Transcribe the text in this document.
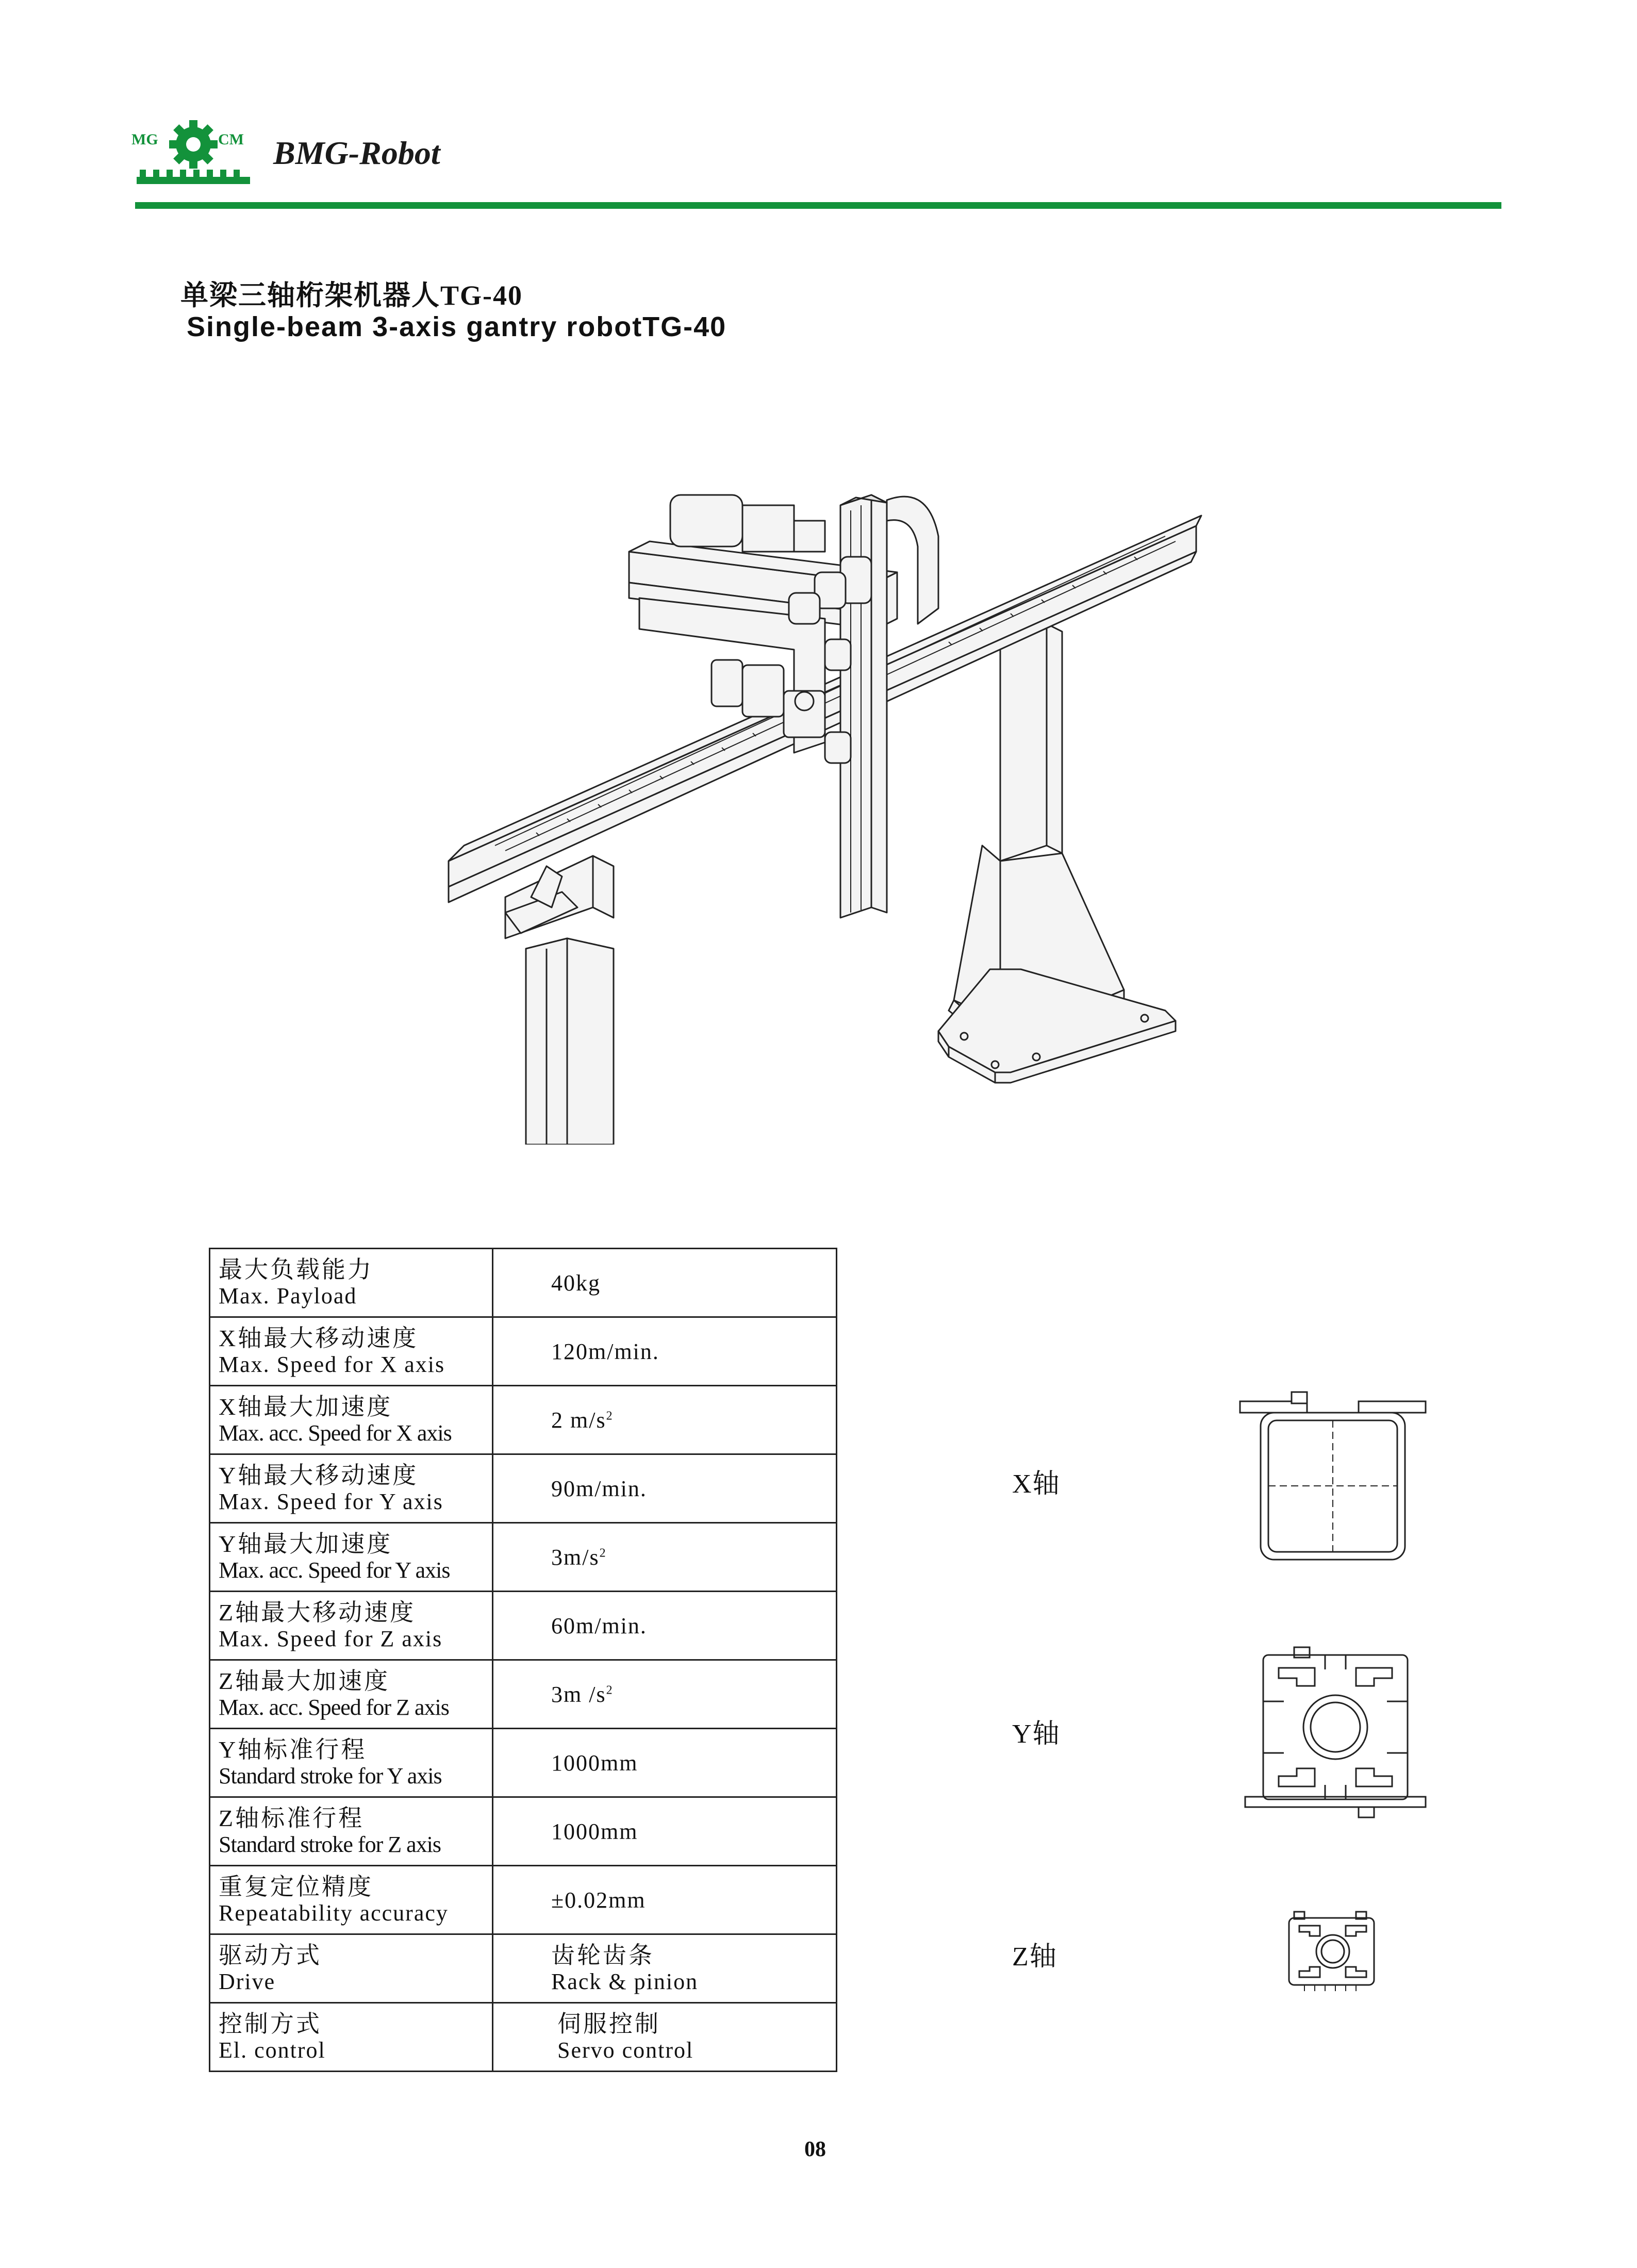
MG	CM BMG-Robot
单梁三轴桁架机器人TG-40
Single-beam 3-axis gantry robotTG-40
最大负载能力
Max. Payload	40kg

X轴最大移动速度
Max. Speed for X axis	120m/min.

X轴最大加速度
Max. acc. Speed for X axis	2 $m/s^2$

Y轴最大移动速度
Max. Speed for Y axis	90m/min.

Y轴最大加速度
Max. acc. Speed for Y axis	$3m/s^2$

Z轴最大移动速度
Max. Speed for Z axis	60m/min.

Z轴最大加速度
Max. acc. Speed for Z axis	3m $/s^2$

Y轴标准行程
Standard stroke for Y axis	1000mm

Z轴标准行程
Standard stroke for Z axis	1000mm

重复定位精度
Repeatability accuracy	±0.02mm

驱动方式
Drive	齿轮齿条
Rack & pinion

控制方式
El. control	伺服控制
Servo control
X轴
Y轴
Z轴
08
